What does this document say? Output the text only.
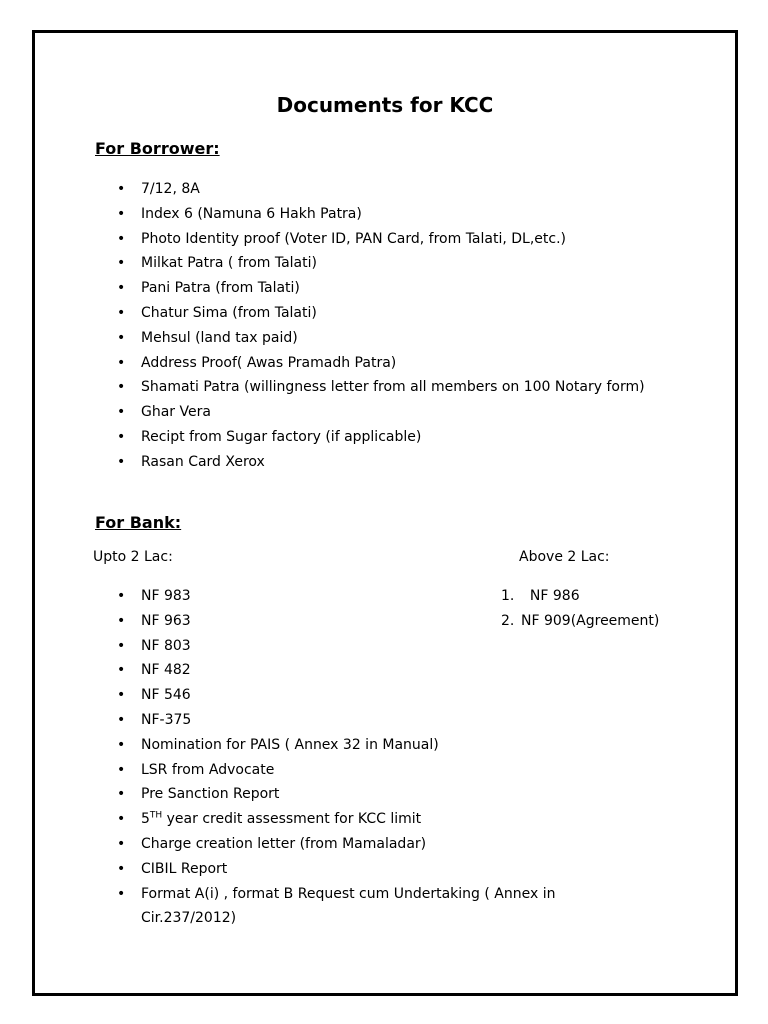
Documents for KCC
For Borrower:
• 7/12, 8A
• Index 6 (Namuna 6 Hakh Patra)
• Photo Identity proof (Voter ID, PAN Card, from Talati, DL,etc.)
• Milkat Patra ( from Talati)
• Pani Patra (from Talati)
• Chatur Sima (from Talati)
• Mehsul (land tax paid)
• Address Proof( Awas Pramadh Patra)
• Shamati Patra (willingness letter from all members on 100 Notary form)
• Ghar Vera
• Recipt from Sugar factory (if applicable)
• Rasan Card Xerox
For Bank:
Upto 2 Lac:	Above 2 Lac:
• NF 983
• NF 963
• NF 803
• NF 482
• NF 546
• NF-375
• Nomination for PAIS ( Annex 32 in Manual)
• LSR from Advocate
• Pre Sanction Report
• 5TH year credit assessment for KCC limit
• Charge creation letter (from Mamaladar)
• CIBIL Report
• Format A(i) , format B Request cum Undertaking ( Annex in Cir.237/2012)
1.  NF 986
2. NF 909(Agreement)
